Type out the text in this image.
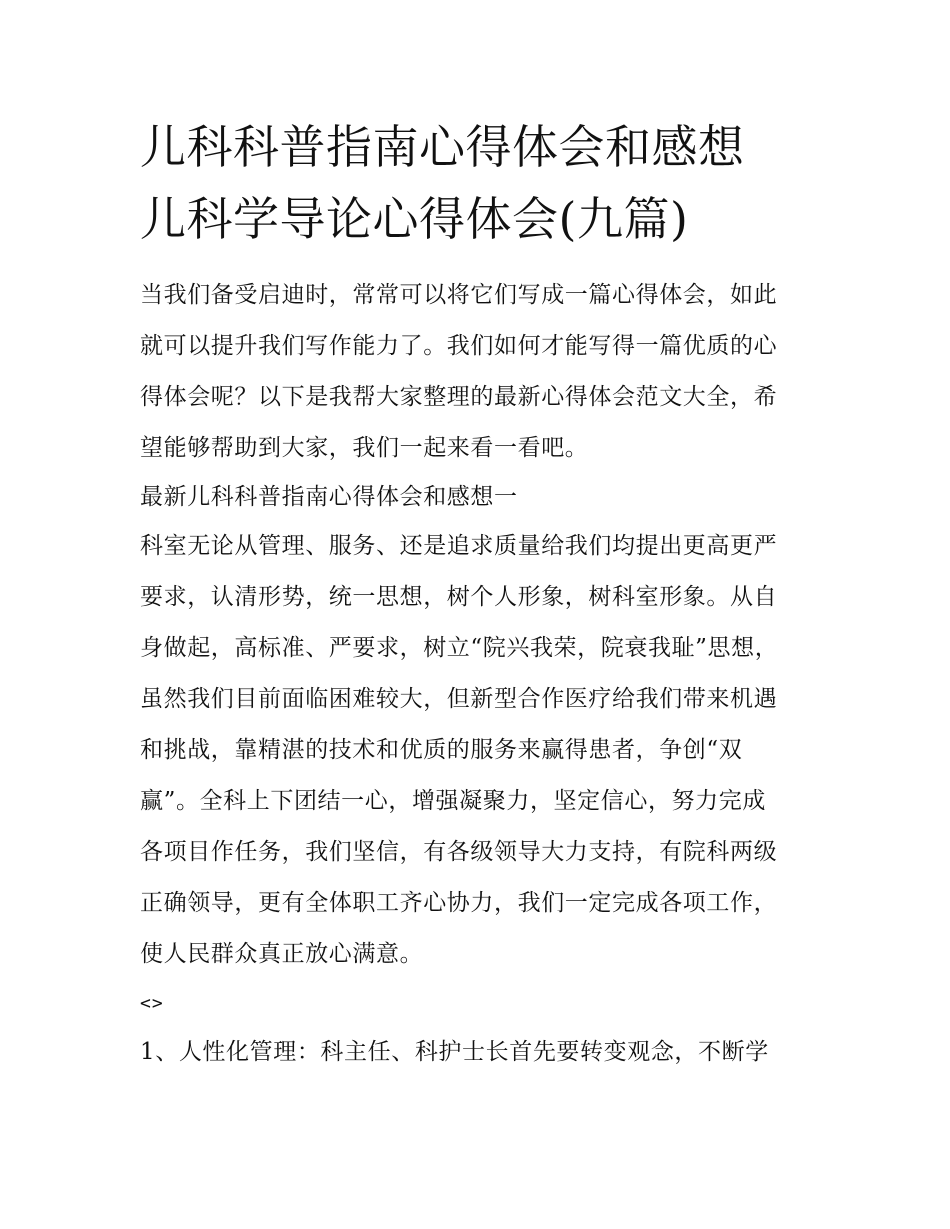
儿科科普指南心得体会和感想
儿科学导论心得体会(九篇)
当我们备受启迪时，常常可以将它们写成一篇心得体会，如此
就可以提升我们写作能力了。我们如何才能写得一篇优质的心
得体会呢？以下是我帮大家整理的最新心得体会范文大全，希
望能够帮助到大家，我们一起来看一看吧。
最新儿科科普指南心得体会和感想一
科室无论从管理、服务、还是追求质量给我们均提出更高更严
要求，认清形势，统一思想，树个人形象，树科室形象。从自
身做起，高标准、严要求，树立“院兴我荣，院衰我耻”思想，
虽然我们目前面临困难较大，但新型合作医疗给我们带来机遇
和挑战，靠精湛的技术和优质的服务来赢得患者，争创“双
赢”。全科上下团结一心，增强凝聚力，坚定信心，努力完成
各项目作任务，我们坚信，有各级领导大力支持，有院科两级
正确领导，更有全体职工齐心协力，我们一定完成各项工作，
使人民群众真正放心满意。
<>
1、人性化管理：科主任、科护士长首先要转变观念，不断学
